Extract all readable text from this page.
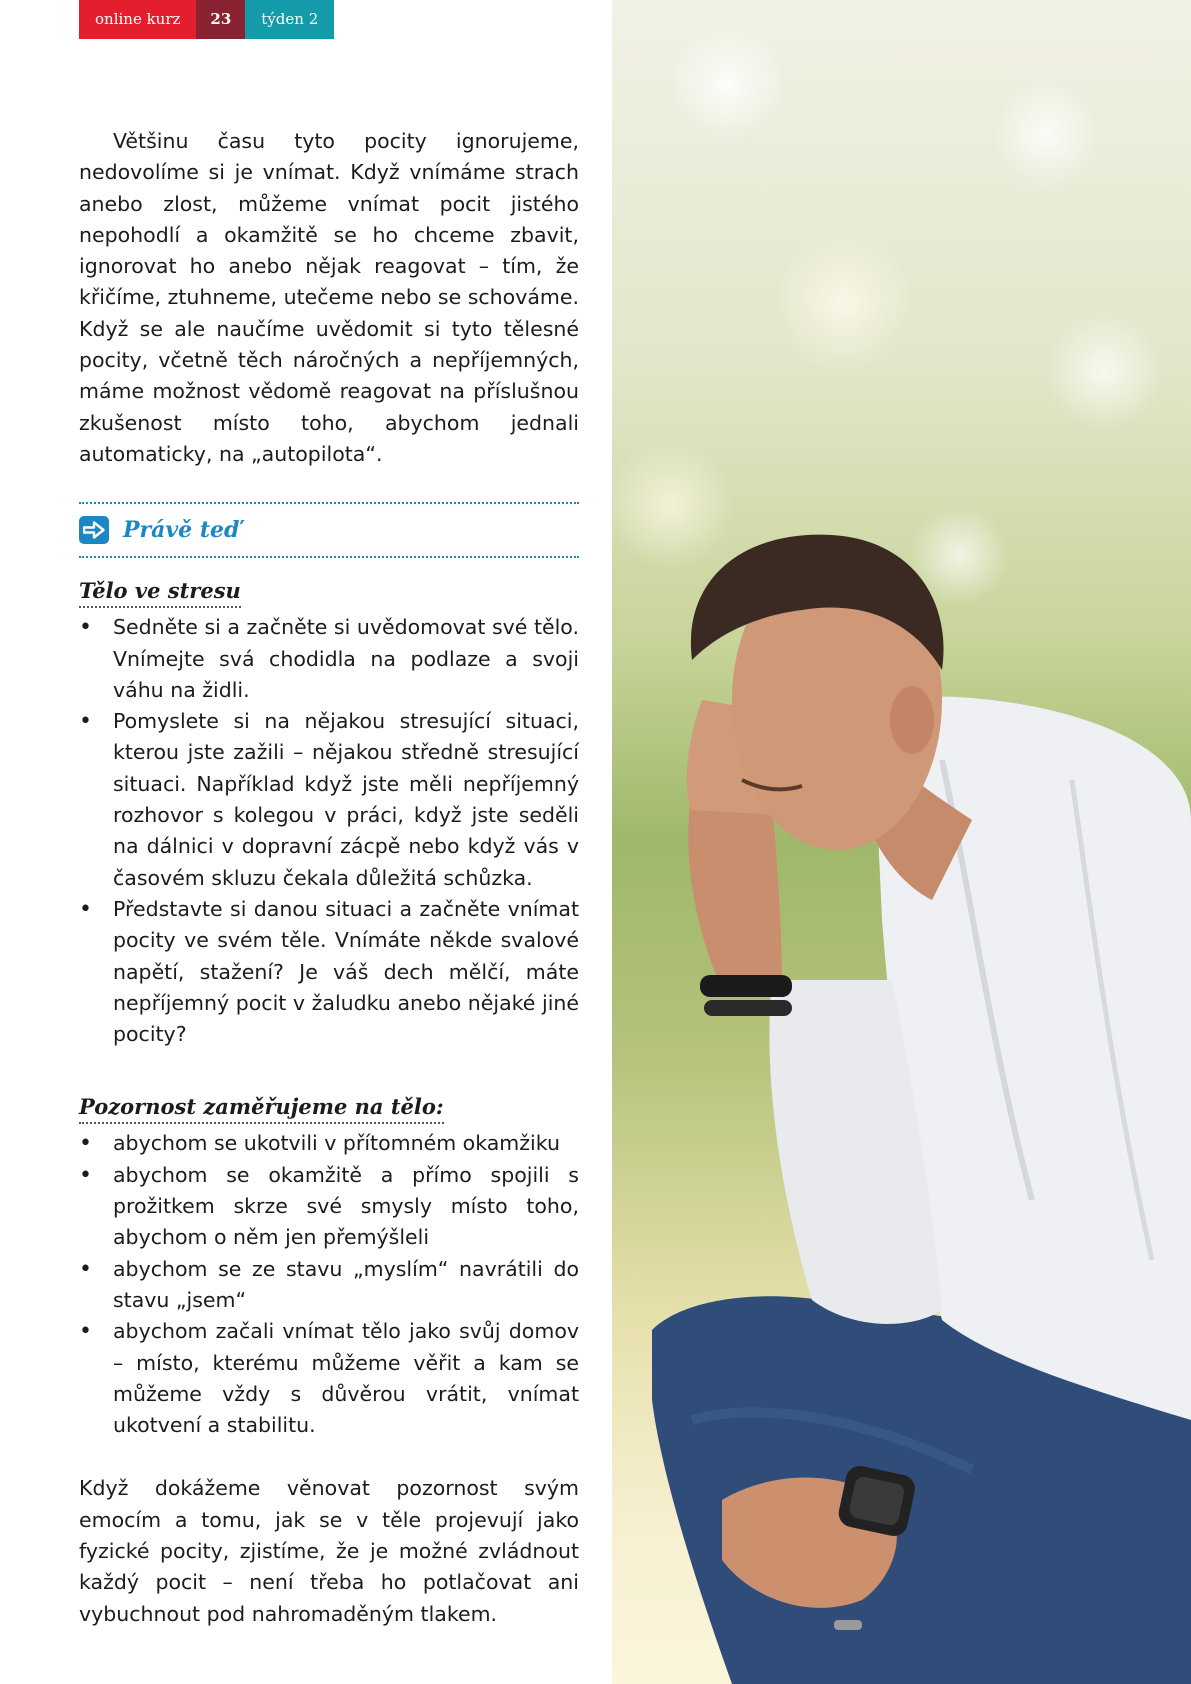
online kurz	23	týden 2

Většinu času tyto pocity ignorujeme, nedovolíme si je vnímat. Když vnímáme strach anebo zlost, můžeme vnímat pocit jistého nepohodlí a okamžitě se ho chceme zbavit, ignorovat ho anebo nějak reagovat – tím, že křičíme, ztuhneme, utečeme nebo se schováme. Když se ale naučíme uvědomit si tyto tělesné pocity, včetně těch náročných a nepříjemných, máme možnost vědomě reagovat na příslušnou zkušenost místo toho, abychom jednali automaticky, na „autopilota“.

Právě teď
Tělo ve stresu
• Sedněte si a začněte si uvědomovat své tělo. Vnímejte svá chodidla na podlaze a svoji váhu na židli.
• Pomyslete si na nějakou stresující situaci, kterou jste zažili – nějakou středně stresující situaci. Například když jste měli nepříjemný rozhovor s kolegou v práci, když jste seděli na dálnici v dopravní zácpě nebo když vás v časovém skluzu čekala důležitá schůzka.
• Představte si danou situaci a začněte vnímat pocity ve svém těle. Vnímáte někde svalové napětí, stažení? Je váš dech mělčí, máte nepříjemný pocit v žaludku anebo nějaké jiné pocity?
Pozornost zaměřujeme na tělo:
• abychom se ukotvili v přítomném okamžiku
• abychom se okamžitě a přímo spojili s prožitkem skrze své smysly místo toho, abychom o něm jen přemýšleli
• abychom se ze stavu „myslím“ navrátili do stavu „jsem“
• abychom začali vnímat tělo jako svůj domov – místo, kterému můžeme věřit a kam se můžeme vždy s důvěrou vrátit, vnímat ukotvení a stabilitu.

Když dokážeme věnovat pozornost svým emocím a tomu, jak se v těle projevují jako fyzické pocity, zjistíme, že je možné zvládnout každý pocit – není třeba ho potlačovat ani vybuchnout pod nahromaděným tlakem.
